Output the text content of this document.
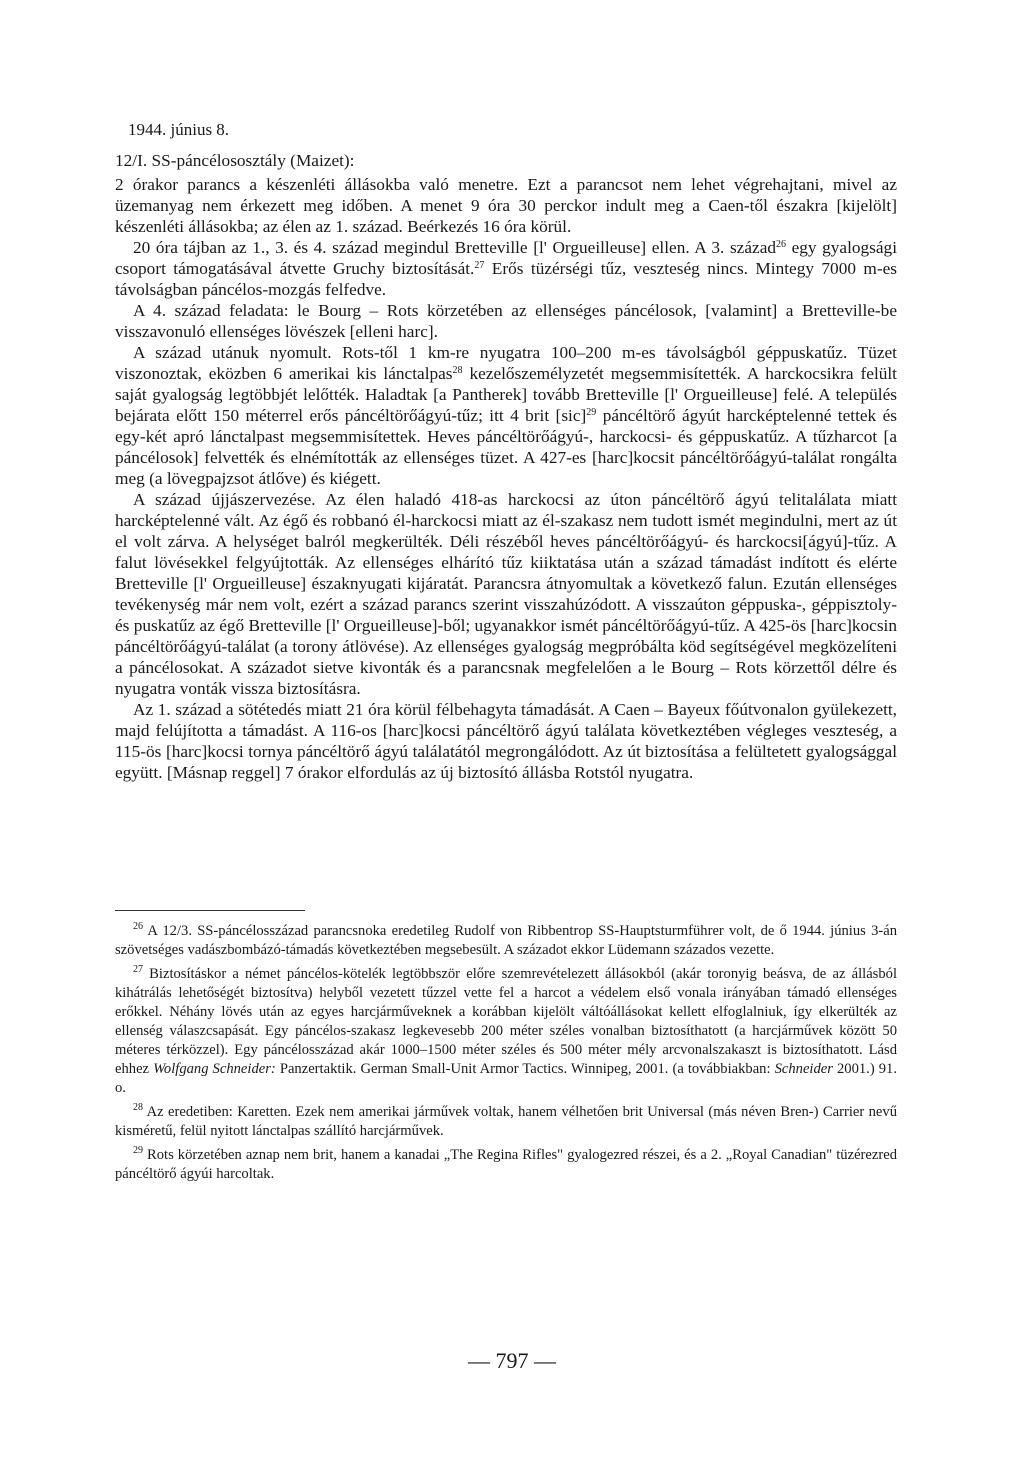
1944. június 8.

12/I. SS-páncélososztály (Maizet):

2 órakor parancs a készenléti állásokba való menetre. Ezt a parancsot nem lehet végrehajtani, mivel az üzemanyag nem érkezett meg időben. A menet 9 óra 30 perckor indult meg a Caen-től északra [kijelölt] készenléti állásokba; az élen az 1. század. Beérkezés 16 óra körül.

20 óra tájban az 1., 3. és 4. század megindul Bretteville [l' Orgueilleuse] ellen. A 3. század$^{26}$ egy gyalogsági csoport támogatásával átvette Gruchy biztosítását.$^{27}$ Erős tüzérségi tűz, veszteség nincs. Mintegy 7000 m-es távolságban páncélos-mozgás felfedve.

A 4. század feladata: le Bourg – Rots körzetében az ellenséges páncélosok, [valamint] a Bretteville-be visszavonuló ellenséges lövészek [elleni harc].

A század utánuk nyomult. Rots-től 1 km-re nyugatra 100–200 m-es távolságból géppuskatűz. Tüzet viszonoztak, eközben 6 amerikai kis lánctalpas$^{28}$ kezelőszemélyzetét megsemmisítették. A harckocsikra felült saját gyalogság legtöbbjét lelőtték. Haladtak [a Pantherek] tovább Bretteville [l' Orgueilleuse] felé. A település bejárata előtt 150 méterrel erős páncéltörőágyú-tűz; itt 4 brit [sic]$^{29}$ páncéltörő ágyút harcképtelenné tettek és egy-két apró lánctalpast megsemmisítettek. Heves páncéltörőágyú-, harckocsi- és géppuskatűz. A tűzharcot [a páncélosok] felvették és elnémították az ellenséges tüzet. A 427-es [harc]kocsit páncéltörőágyú-találat rongálta meg (a lövegpajzsot átlőve) és kiégett.

A század újjászervezése. Az élen haladó 418-as harckocsi az úton páncéltörő ágyú telitalálata miatt harcképtelenné vált. Az égő és robbanó él-harckocsi miatt az él-szakasz nem tudott ismét megindulni, mert az út el volt zárva. A helységet balról megkerülték. Déli részéből heves páncéltörőágyú- és harckocsi[ágyú]-tűz. A falut lövésekkel felgyújtották. Az ellenséges elhárító tűz kiiktatása után a század támadást indított és elérte Bretteville [l' Orgueilleuse] északnyugati kijáratát. Parancsra átnyomultak a következő falun. Ezután ellenséges tevékenység már nem volt, ezért a század parancs szerint visszahúzódott. A visszaúton géppuska-, géppisztoly- és puskatűz az égő Bretteville [l' Orgueilleuse]-ből; ugyanakkor ismét páncéltörőágyú-tűz. A 425-ös [harc]kocsin páncéltörőágyú-találat (a torony átlövése). Az ellenséges gyalogság megpróbálta köd segítségével megközelíteni a páncélosokat. A századot sietve kivonták és a parancsnak megfelelően a le Bourg – Rots körzettől délre és nyugatra vonták vissza biztosításra.

Az 1. század a sötétedés miatt 21 óra körül félbehagyta támadását. A Caen – Bayeux főútvonalon gyülekezett, majd felújította a támadást. A 116-os [harc]kocsi páncéltörő ágyú találata következtében végleges veszteség, a 115-ös [harc]kocsi tornya páncéltörő ágyú találatától megrongálódott. Az út biztosítása a felültetett gyalogsággal együtt. [Másnap reggel] 7 órakor elfordulás az új biztosító állásba Rotstól nyugatra.

$^{26}$ A 12/3. SS-páncélosszázad parancsnoka eredetileg Rudolf von Ribbentrop SS-Hauptsturmführer volt, de ő 1944. június 3-án szövetséges vadászbombázó-támadás következtében megsebesült. A századot ekkor Lüdemann százados vezette.

$^{27}$ Biztosításkor a német páncélos-kötelék legtöbbször előre szemrevételezett állásokból (akár toronyig beásva, de az állásból kihátrálás lehetőségét biztosítva) helyből vezetett tűzzel vette fel a harcot a védelem első vonala irányában támadó ellenséges erőkkel. Néhány lövés után az egyes harcjárműveknek a korábban kijelölt váltóállásokat kellett elfoglalniuk, így elkerülték az ellenség válaszcsapását. Egy páncélos-szakasz legkevesebb 200 méter széles vonalban biztosíthatott (a harcjárművek között 50 méteres térközzel). Egy páncélosszázad akár 1000–1500 méter széles és 500 méter mély arcvonalszakaszt is biztosíthatott. Lásd ehhez Wolfgang Schneider: Panzertaktik. German Small-Unit Armor Tactics. Winnipeg, 2001. (a továbbiakban: Schneider 2001.) 91. o.

$^{28}$ Az eredetiben: Karetten. Ezek nem amerikai járművek voltak, hanem vélhetően brit Universal (más néven Bren-) Carrier nevű kisméretű, felül nyitott lánctalpas szállító harcjárművek.

$^{29}$ Rots körzetében aznap nem brit, hanem a kanadai „The Regina Rifles" gyalogezred részei, és a 2. „Royal Canadian" tüzérezred páncéltörő ágyúi harcoltak.

— 797 —
